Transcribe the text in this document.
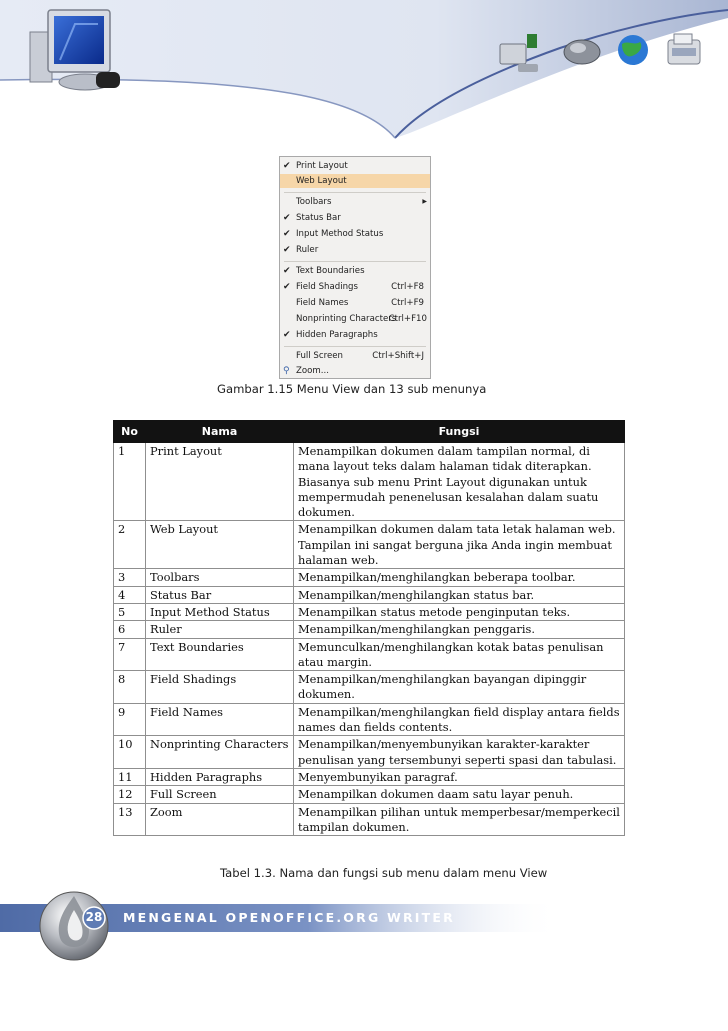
✔ Print Layout
Web Layout
Toolbars	▶
✔ Status Bar
✔ Input Method Status
✔ Ruler
✔ Text Boundaries
✔ Field Shadings	Ctrl+F8
Field Names	Ctrl+F9
Nonprinting Characters
Ctrl+F10
✔ Hidden Paragraphs
Full Screen	Ctrl+Shift+J
⚲ Zoom...
Gambar 1.15 Menu View dan 13 sub menunya
No	Nama	Fungsi
1	Print Layout	Menampilkan dokumen dalam tampilan normal, di mana layout teks dalam halaman tidak diterapkan. Biasanya sub menu Print Layout digunakan untuk mempermudah penenelusan kesalahan dalam suatu dokumen.
2	Web Layout	Menampilkan dokumen dalam tata letak halaman web. Tampilan ini sangat berguna jika Anda ingin membuat halaman web.
3	Toolbars	Menampilkan/menghilangkan beberapa toolbar.
4	Status Bar	Menampilkan/menghilangkan status bar.
5	Input Method Status	Menampilkan status metode penginputan teks.
6	Ruler	Menampilkan/menghilangkan penggaris.
7	Text Boundaries	Memunculkan/menghilangkan kotak batas penulisan atau margin.
8	Field Shadings	Menampilkan/menghilangkan bayangan dipinggir dokumen.
9	Field Names	Menampilkan/menghilangkan field display antara fields names dan fields contents.
10	Nonprinting Characters	Menampilkan/menyembunyikan karakter-karakter penulisan yang tersembunyi seperti spasi dan tabulasi.
11	Hidden Paragraphs	Menyembunyikan paragraf.
12	Full Screen	Menampilkan dokumen daam satu layar penuh.
13	Zoom	Menampilkan pilihan untuk memperbesar/memperkecil tampilan dokumen.
Tabel 1.3. Nama dan fungsi sub menu dalam menu View
28 MENGENAL OPENOFFICE.ORG WRITER
